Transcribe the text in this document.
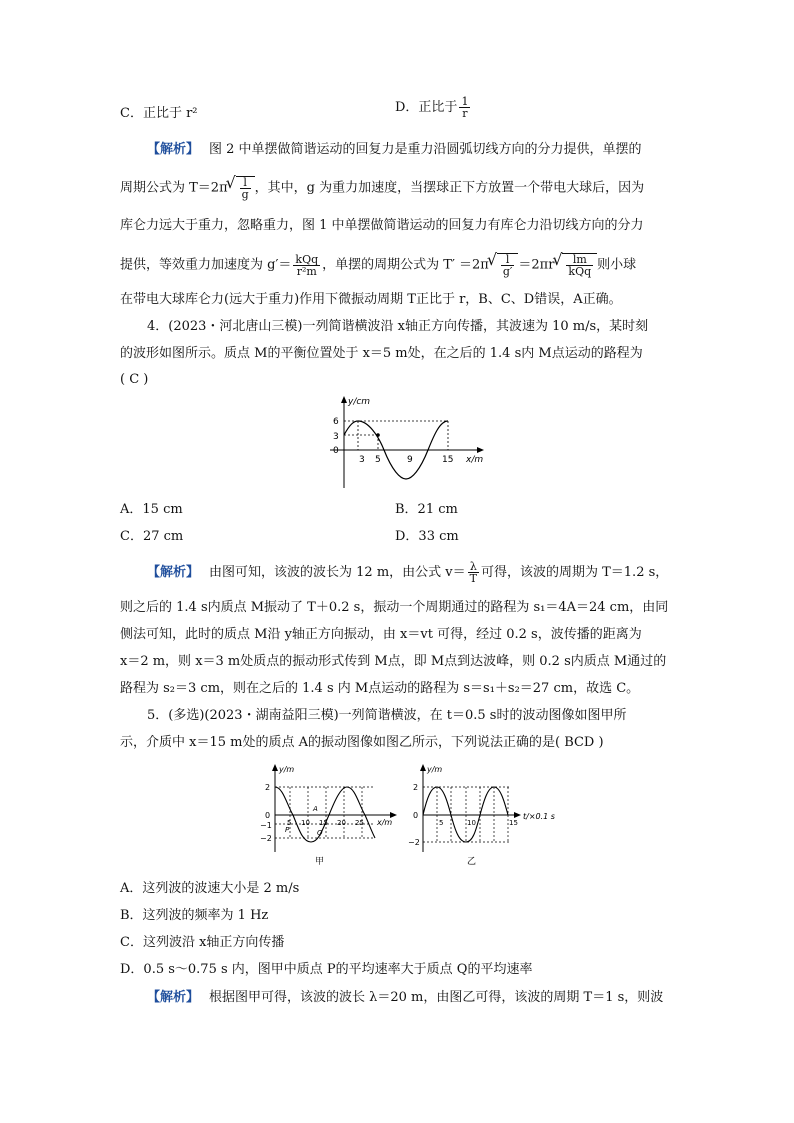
C．正比于 r²	D．正比于 $\frac{1}{r}$
【解析】 图 2 中单摆做简谐运动的回复力是重力沿圆弧切线方向的分力提供，单摆的
周期公式为 T＝2π √ $\frac{l}{g}$ ，其中，g 为重力加速度，当摆球正下方放置一个带电大球后，因为
库仑力远大于重力，忽略重力，图 1 中单摆做简谐运动的回复力有库仑力沿切线方向的分力
提供，等效重力加速度为 $g'= \frac{\text{kQq}}{\text{r²m}}$ ，单摆的周期公式为 T′ ＝2π √ $\frac{l}{g'} =2\pi r$ √ $\frac{lm}{\text{kQq}}$ 则小球
在带电大球库仑力(远大于重力)作用下微振动周期 T正比于 r，B、C、D错误，A正确。
4．(2023・河北唐山三模)一列简谐横波沿 x轴正方向传播，其波速为 10 m/s，某时刻
的波形如图所示。质点 M的平衡位置处于 x＝5 m处，在之后的 1.4 s内 M点运动的路程为
( C )
y/cm
x/m
6
3
0
3 5	9	15
A．15 cm	B．21 cm
C．27 cm	D．33 cm
【解析】 由图可知，该波的波长为 12 m，由公式 $v= \frac{\lambda}{T}$ 可得，该波的周期为 T＝1.2 s，
则之后的 1.4 s内质点 M振动了 T＋0.2 s，振动一个周期通过的路程为 s₁＝4A＝24 cm，由同
侧法可知，此时的质点 M沿 y轴正方向振动，由 x＝vt 可得，经过 0.2 s，波传播的距离为
x＝2 m，则 x＝3 m处质点的振动形式传到 M点，即 M点到达波峰，则 0.2 s内质点 M通过的
路程为 s₂＝3 cm，则在之后的 1.4 s 内 M点运动的路程为 s＝s₁＋s₂＝27 cm，故选 C。
5．(多选)(2023・湖南益阳三模)一列简谐横波，在 t＝0.5 s时的波动图像如图甲所
示，介质中 x＝15 m处的质点 A的振动图像如图乙所示，下列说法正确的是( BCD )
y/m
x/m
2
0
−1
−2
P
A
Q
5 10 15 20 25
甲
y/m
t/×0.1 s
2
0
−2
5	10	15
乙
A．这列波的波速大小是 2 m/s
B．这列波的频率为 1 Hz
C．这列波沿 x轴正方向传播
D．0.5 s～0.75 s 内，图甲中质点 P的平均速率大于质点 Q的平均速率
【解析】 根据图甲可得，该波的波长 λ＝20 m，由图乙可得，该波的周期 T＝1 s，则波
